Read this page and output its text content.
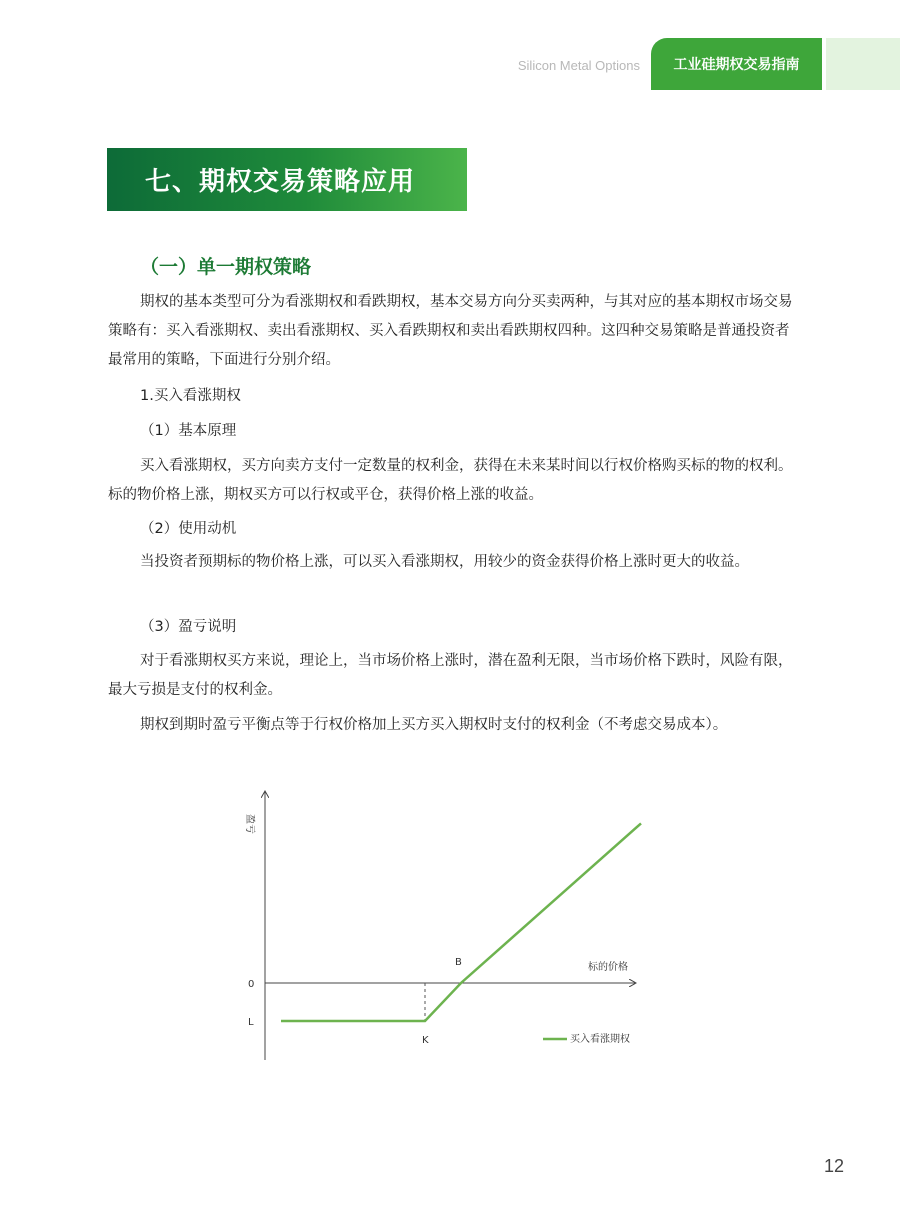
Silicon Metal Options 工业硅期权交易指南
七、期权交易策略应用
（一）单一期权策略

期权的基本类型可分为看涨期权和看跌期权，基本交易方向分买卖两种，与其对应的基本期权市场交易策略有：买入看涨期权、卖出看涨期权、买入看跌期权和卖出看跌期权四种。这四种交易策略是普通投资者最常用的策略，下面进行分别介绍。

1.买入看涨期权

（1）基本原理

买入看涨期权，买方向卖方支付一定数量的权利金，获得在未来某时间以行权价格购买标的物的权利。标的物价格上涨，期权买方可以行权或平仓，获得价格上涨的收益。

（2）使用动机

当投资者预期标的物价格上涨，可以买入看涨期权，用较少的资金获得价格上涨时更大的收益。

（3）盈亏说明

对于看涨期权买方来说，理论上，当市场价格上涨时，潜在盈利无限，当市场价格下跌时，风险有限，最大亏损是支付的权利金。

期权到期时盈亏平衡点等于行权价格加上买方买入期权时支付的权利金（不考虑交易成本）。

盈亏
标的价格
0
L
K
B
买入看涨期权
12
